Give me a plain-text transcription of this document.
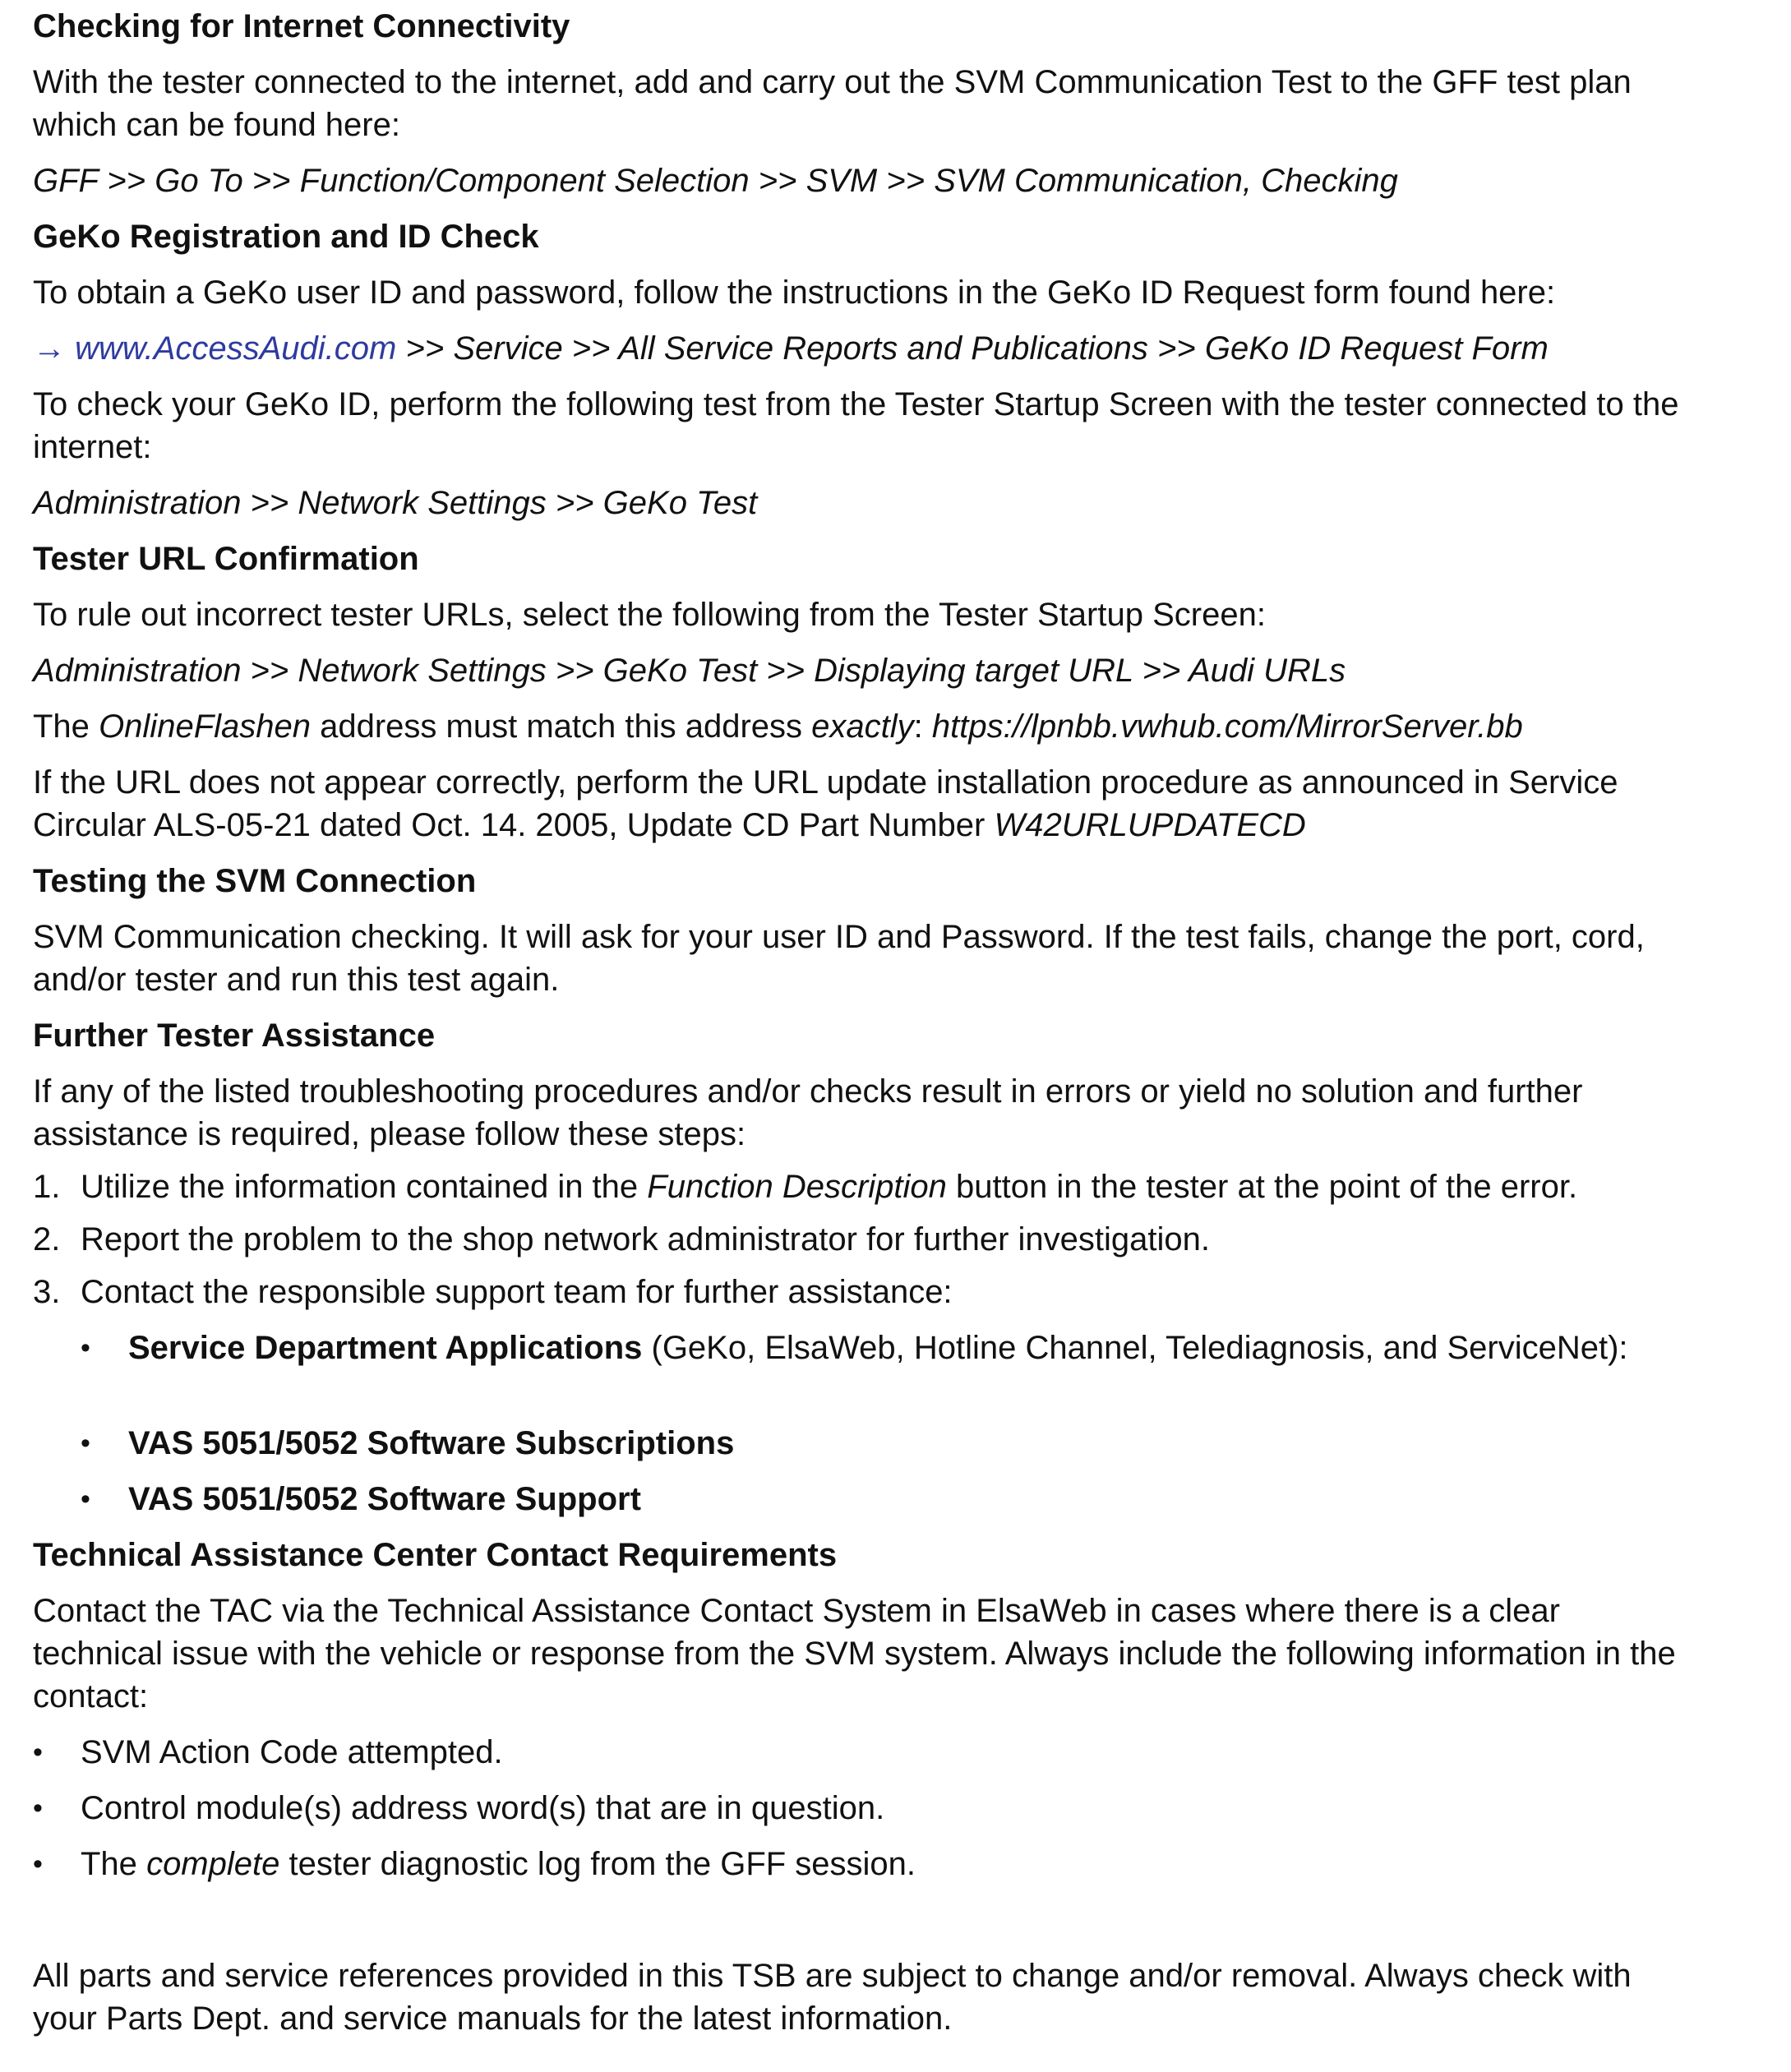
Checking for Internet Connectivity
With the tester connected to the internet, add and carry out the SVM Communication Test to the GFF test plan
which can be found here:
GFF >> Go To >> Function/Component Selection >> SVM >> SVM Communication, Checking
GeKo Registration and ID Check
To obtain a GeKo user ID and password, follow the instructions in the GeKo ID Request form found here:
→ www.AccessAudi.com >> Service >> All Service Reports and Publications >> GeKo ID Request Form
To check your GeKo ID, perform the following test from the Tester Startup Screen with the tester connected to the
internet:
Administration >> Network Settings >> GeKo Test
Tester URL Confirmation
To rule out incorrect tester URLs, select the following from the Tester Startup Screen:
Administration >> Network Settings >> GeKo Test >> Displaying target URL >> Audi URLs
The OnlineFlashen address must match this address exactly: https://lpnbb.vwhub.com/MirrorServer.bb
If the URL does not appear correctly, perform the URL update installation procedure as announced in Service
Circular ALS-05-21 dated Oct. 14. 2005, Update CD Part Number W42URLUPDATECD
Testing the SVM Connection
SVM Communication checking. It will ask for your user ID and Password. If the test fails, change the port, cord,
and/or tester and run this test again.
Further Tester Assistance
If any of the listed troubleshooting procedures and/or checks result in errors or yield no solution and further
assistance is required, please follow these steps:
1. Utilize the information contained in the Function Description button in the tester at the point of the error.
2. Report the problem to the shop network administrator for further investigation.
3. Contact the responsible support team for further assistance:
• Service Department Applications (GeKo, ElsaWeb, Hotline Channel, Telediagnosis, and ServiceNet):
• VAS 5051/5052 Software Subscriptions
• VAS 5051/5052 Software Support
Technical Assistance Center Contact Requirements
Contact the TAC via the Technical Assistance Contact System in ElsaWeb in cases where there is a clear
technical issue with the vehicle or response from the SVM system. Always include the following information in the
contact:
• SVM Action Code attempted.
• Control module(s) address word(s) that are in question.
• The complete tester diagnostic log from the GFF session.
All parts and service references provided in this TSB are subject to change and/or removal. Always check with
your Parts Dept. and service manuals for the latest information.
